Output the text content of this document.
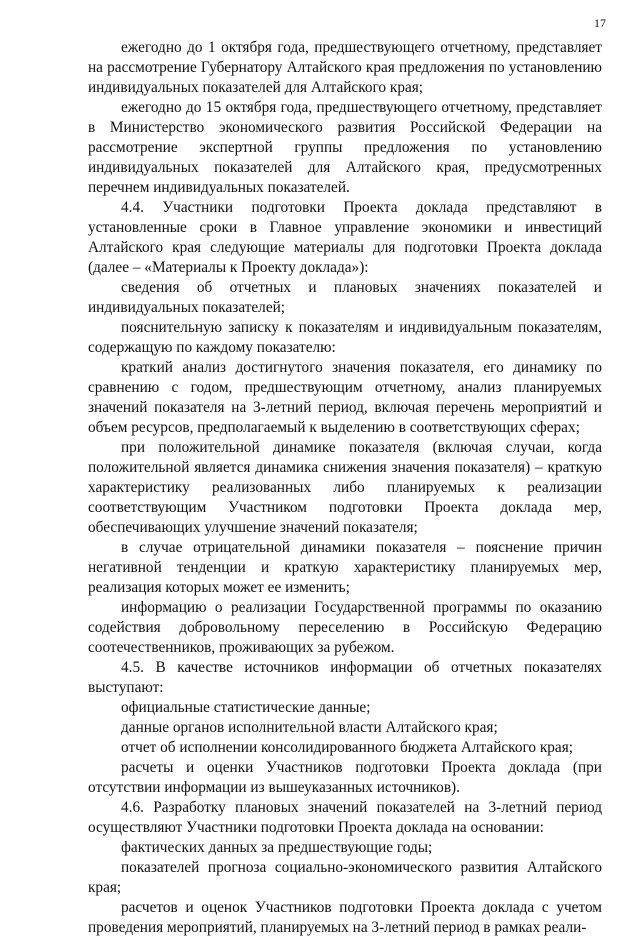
17

ежегодно до 1 октября года, предшествующего отчетному, представляет на рассмотрение Губернатору Алтайского края предложения по установлению индивидуальных показателей для Алтайского края;

ежегодно до 15 октября года, предшествующего отчетному, представляет в Министерство экономического развития Российской Федерации на рассмотрение экспертной группы предложения по установлению индивидуальных показателей для Алтайского края, предусмотренных перечнем индивидуальных показателей.

4.4. Участники подготовки Проекта доклада представляют в установленные сроки в Главное управление экономики и инвестиций Алтайского края следующие материалы для подготовки Проекта доклада (далее – «Материалы к Проекту доклада»):

сведения об отчетных и плановых значениях показателей и индивидуальных показателей;

пояснительную записку к показателям и индивидуальным показателям, содержащую по каждому показателю:

краткий анализ достигнутого значения показателя, его динамику по сравнению с годом, предшествующим отчетному, анализ планируемых значений показателя на 3-летний период, включая перечень мероприятий и объем ресурсов, предполагаемый к выделению в соответствующих сферах;

при положительной динамике показателя (включая случаи, когда положительной является динамика снижения значения показателя) – краткую характеристику реализованных либо планируемых к реализации соответствующим Участником подготовки Проекта доклада мер, обеспечивающих улучшение значений показателя;

в случае отрицательной динамики показателя – пояснение причин негативной тенденции и краткую характеристику планируемых мер, реализация которых может ее изменить;

информацию о реализации Государственной программы по оказанию содействия добровольному переселению в Российскую Федерацию соотечественников, проживающих за рубежом.

4.5. В качестве источников информации об отчетных показателях выступают:

официальные статистические данные;

данные органов исполнительной власти Алтайского края;

отчет об исполнении консолидированного бюджета Алтайского края;

расчеты и оценки Участников подготовки Проекта доклада (при отсутствии информации из вышеуказанных источников).

4.6. Разработку плановых значений показателей на 3-летний период осуществляют Участники подготовки Проекта доклада на основании:

фактических данных за предшествующие годы;

показателей прогноза социально-экономического развития Алтайского края;

расчетов и оценок Участников подготовки Проекта доклада с учетом проведения мероприятий, планируемых на 3-летний период в рамках реали-
